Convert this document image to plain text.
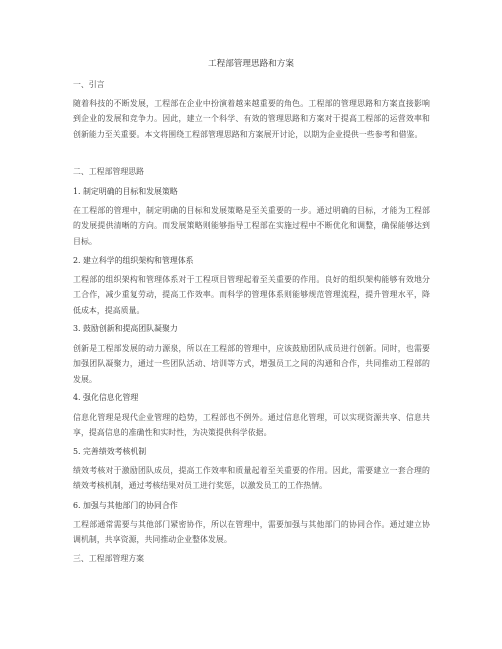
工程部管理思路和方案
一、引言
随着科技的不断发展，工程部在企业中扮演着越来越重要的角色。工程部的管理思路和方案直接影响到企业的发展和竞争力。因此，建立一个科学、有效的管理思路和方案对于提高工程部的运营效率和创新能力至关重要。本文将围绕工程部管理思路和方案展开讨论，以期为企业提供一些参考和借鉴。
二、工程部管理思路
1. 制定明确的目标和发展策略
在工程部的管理中，制定明确的目标和发展策略是至关重要的一步。通过明确的目标，才能为工程部的发展提供清晰的方向。而发展策略则能够指导工程部在实施过程中不断优化和调整，确保能够达到目标。
2. 建立科学的组织架构和管理体系
工程部的组织架构和管理体系对于工程项目管理起着至关重要的作用。良好的组织架构能够有效地分工合作，减少重复劳动，提高工作效率。而科学的管理体系则能够规范管理流程，提升管理水平，降低成本，提高质量。
3. 鼓励创新和提高团队凝聚力
创新是工程部发展的动力源泉，所以在工程部的管理中，应该鼓励团队成员进行创新。同时，也需要加强团队凝聚力，通过一些团队活动、培训等方式，增强员工之间的沟通和合作，共同推动工程部的发展。
4. 强化信息化管理
信息化管理是现代企业管理的趋势，工程部也不例外。通过信息化管理，可以实现资源共享、信息共享，提高信息的准确性和实时性，为决策提供科学依据。
5. 完善绩效考核机制
绩效考核对于激励团队成员，提高工作效率和质量起着至关重要的作用。因此，需要建立一套合理的绩效考核机制，通过考核结果对员工进行奖惩，以激发员工的工作热情。
6. 加强与其他部门的协同合作
工程部通常需要与其他部门紧密协作，所以在管理中，需要加强与其他部门的协同合作。通过建立协调机制，共享资源，共同推动企业整体发展。
三、工程部管理方案
